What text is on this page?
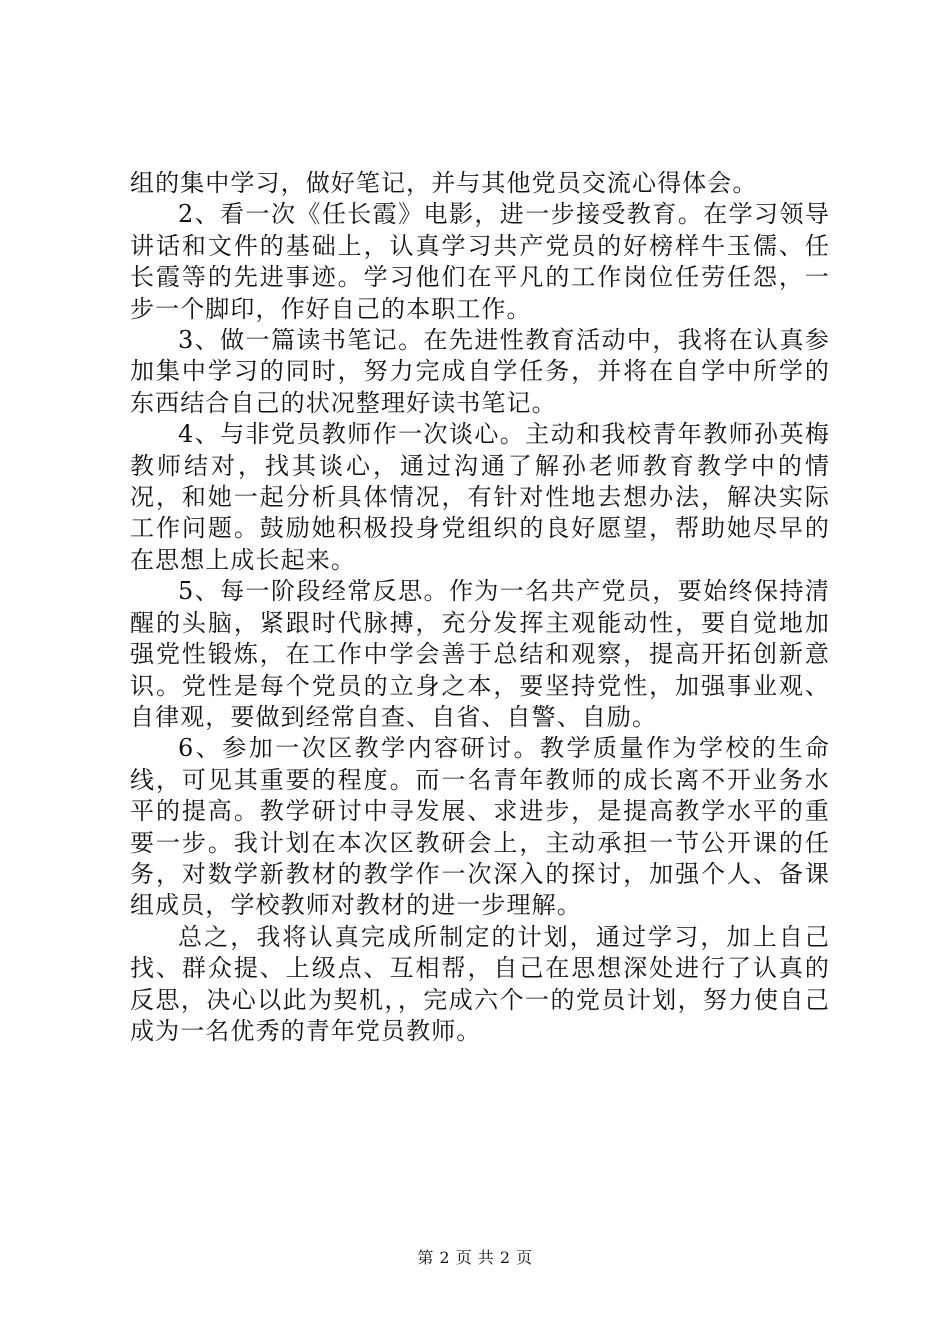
组的集中学习，做好笔记，并与其他党员交流心得体会。

2、看一次《任长霞》电影，进一步接受教育。在学习领导讲话和文件的基础上，认真学习共产党员的好榜样牛玉儒、任长霞等的先进事迹。学习他们在平凡的工作岗位任劳任怨，一步一个脚印，作好自己的本职工作。

3、做一篇读书笔记。在先进性教育活动中，我将在认真参加集中学习的同时，努力完成自学任务，并将在自学中所学的东西结合自己的状况整理好读书笔记。

4、与非党员教师作一次谈心。主动和我校青年教师孙英梅教师结对，找其谈心，通过沟通了解孙老师教育教学中的情况，和她一起分析具体情况，有针对性地去想办法，解决实际工作问题。鼓励她积极投身党组织的良好愿望，帮助她尽早的在思想上成长起来。

5、每一阶段经常反思。作为一名共产党员，要始终保持清醒的头脑，紧跟时代脉搏，充分发挥主观能动性，要自觉地加强党性锻炼，在工作中学会善于总结和观察，提高开拓创新意识。党性是每个党员的立身之本，要坚持党性，加强事业观、自律观，要做到经常自查、自省、自警、自励。

6、参加一次区教学内容研讨。教学质量作为学校的生命线，可见其重要的程度。而一名青年教师的成长离不开业务水平的提高。教学研讨中寻发展、求进步，是提高教学水平的重要一步。我计划在本次区教研会上，主动承担一节公开课的任务，对数学新教材的教学作一次深入的探讨，加强个人、备课组成员，学校教师对教材的进一步理解。

总之，我将认真完成所制定的计划，通过学习，加上自己找、群众提、上级点、互相帮，自己在思想深处进行了认真的反思，决心以此为契机，，完成六个一的党员计划，努力使自己成为一名优秀的青年党员教师。

第 2 页 共 2 页
